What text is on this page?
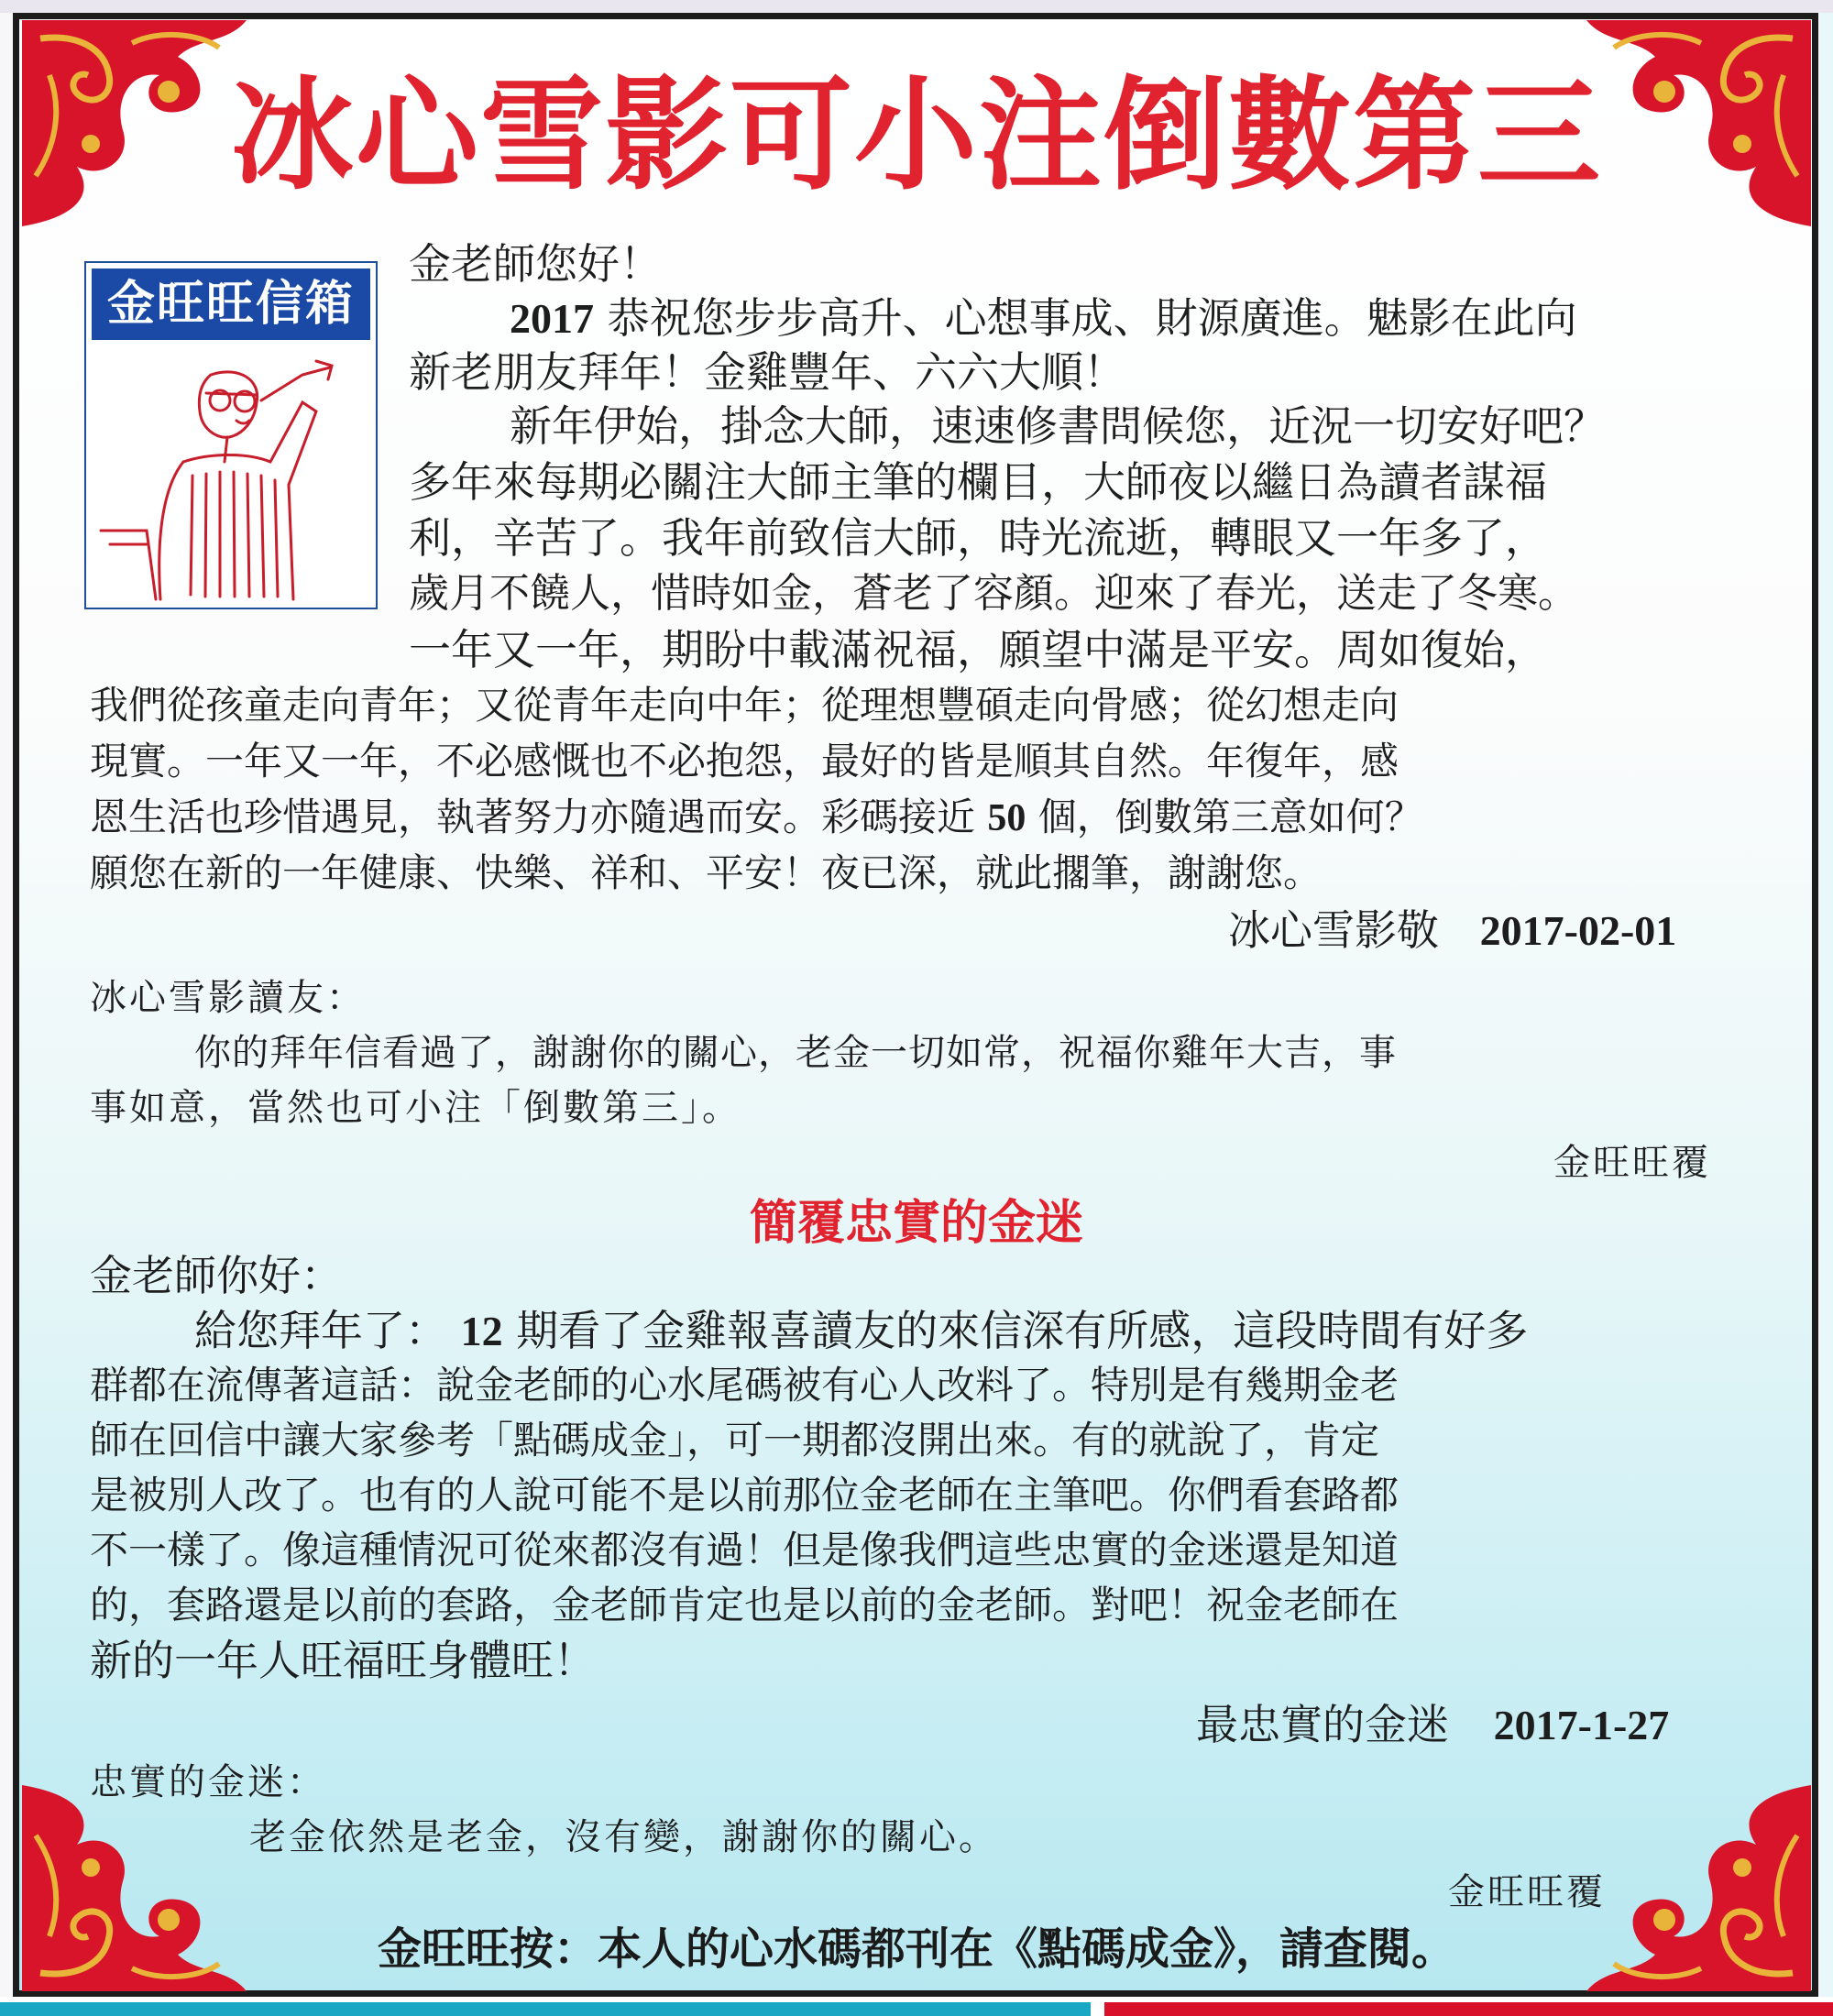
冰心雪影可小注倒數第三
金旺旺信箱
金老師您好！
2017 恭祝您步步高升、心想事成、財源廣進。魅影在此向
新老朋友拜年！金雞豐年、六六大順！
新年伊始，掛念大師，速速修書問候您，近況一切安好吧？
多年來每期必關注大師主筆的欄目，大師夜以繼日為讀者謀福
利，辛苦了。我年前致信大師，時光流逝，轉眼又一年多了，
歲月不饒人，惜時如金，蒼老了容顏。迎來了春光，送走了冬寒。
一年又一年，期盼中載滿祝福，願望中滿是平安。周如復始，
我們從孩童走向青年；又從青年走向中年；從理想豐碩走向骨感；從幻想走向
現實。一年又一年，不必感慨也不必抱怨，最好的皆是順其自然。年復年，感
恩生活也珍惜遇見，執著努力亦隨遇而安。彩碼接近 50 個，倒數第三意如何？
願您在新的一年健康、快樂、祥和、平安！夜已深，就此擱筆，謝謝您。
冰心雪影敬 2017-02-01
冰心雪影讀友：
你的拜年信看過了，謝謝你的關心，老金一切如常，祝福你雞年大吉，事
事如意，當然也可小注「倒數第三」。
金旺旺覆
簡覆忠實的金迷
金老師你好：
給您拜年了： 12 期看了金雞報喜讀友的來信深有所感，這段時間有好多
群都在流傳著這話：說金老師的心水尾碼被有心人改料了。特別是有幾期金老
師在回信中讓大家參考「點碼成金」，可一期都沒開出來。有的就說了，肯定
是被別人改了。也有的人說可能不是以前那位金老師在主筆吧。你們看套路都
不一樣了。像這種情況可從來都沒有過！但是像我們這些忠實的金迷還是知道
的，套路還是以前的套路，金老師肯定也是以前的金老師。對吧！祝金老師在
新的一年人旺福旺身體旺！
最忠實的金迷 2017-1-27
忠實的金迷：
老金依然是老金，沒有變，謝謝你的關心。
金旺旺覆
金旺旺按：本人的心水碼都刊在《點碼成金》，請查閱。
